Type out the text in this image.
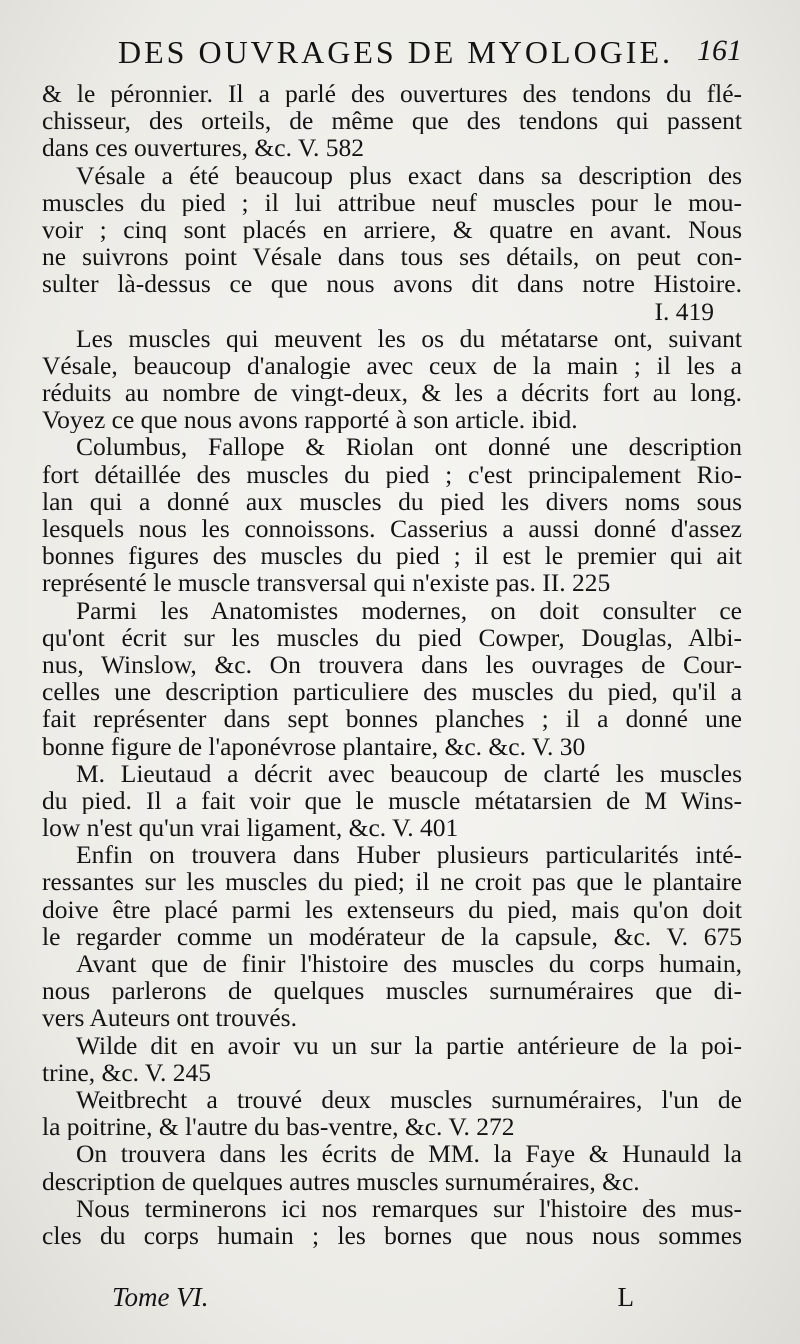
DES OUVRAGES DE MYOLOGIE. 161
& le péronnier. Il a parlé des ouvertures des tendons du flé-
chisseur, des orteils, de même que des tendons qui passent
dans ces ouvertures, &c. V. 582
Vésale a été beaucoup plus exact dans sa description des
muscles du pied ; il lui attribue neuf muscles pour le mou-
voir ; cinq sont placés en arriere, & quatre en avant. Nous
ne suivrons point Vésale dans tous ses détails, on peut con-
sulter là-dessus ce que nous avons dit dans notre Histoire.
I. 419
Les muscles qui meuvent les os du métatarse ont, suivant
Vésale, beaucoup d'analogie avec ceux de la main ; il les a
réduits au nombre de vingt-deux, & les a décrits fort au long.
Voyez ce que nous avons rapporté à son article. ibid.
Columbus, Fallope & Riolan ont donné une description
fort détaillée des muscles du pied ; c'est principalement Rio-
lan qui a donné aux muscles du pied les divers noms sous
lesquels nous les connoissons. Casserius a aussi donné d'assez
bonnes figures des muscles du pied ; il est le premier qui ait
représenté le muscle transversal qui n'existe pas. II. 225
Parmi les Anatomistes modernes, on doit consulter ce
qu'ont écrit sur les muscles du pied Cowper, Douglas, Albi-
nus, Winslow, &c. On trouvera dans les ouvrages de Cour-
celles une description particuliere des muscles du pied, qu'il a
fait représenter dans sept bonnes planches ; il a donné une
bonne figure de l'aponévrose plantaire, &c. &c. V. 30
M. Lieutaud a décrit avec beaucoup de clarté les muscles
du pied. Il a fait voir que le muscle métatarsien de M Wins-
low n'est qu'un vrai ligament, &c. V. 401
Enfin on trouvera dans Huber plusieurs particularités inté-
ressantes sur les muscles du pied; il ne croit pas que le plantaire
doive être placé parmi les extenseurs du pied, mais qu'on doit
le regarder comme un modérateur de la capsule, &c. V. 675
Avant que de finir l'histoire des muscles du corps humain,
nous parlerons de quelques muscles surnuméraires que di-
vers Auteurs ont trouvés.
Wilde dit en avoir vu un sur la partie antérieure de la poi-
trine, &c. V. 245
Weitbrecht a trouvé deux muscles surnuméraires, l'un de
la poitrine, & l'autre du bas-ventre, &c. V. 272
On trouvera dans les écrits de MM. la Faye & Hunauld la
description de quelques autres muscles surnuméraires, &c.
Nous terminerons ici nos remarques sur l'histoire des mus-
cles du corps humain ; les bornes que nous nous sommes
Tome VI.	L
